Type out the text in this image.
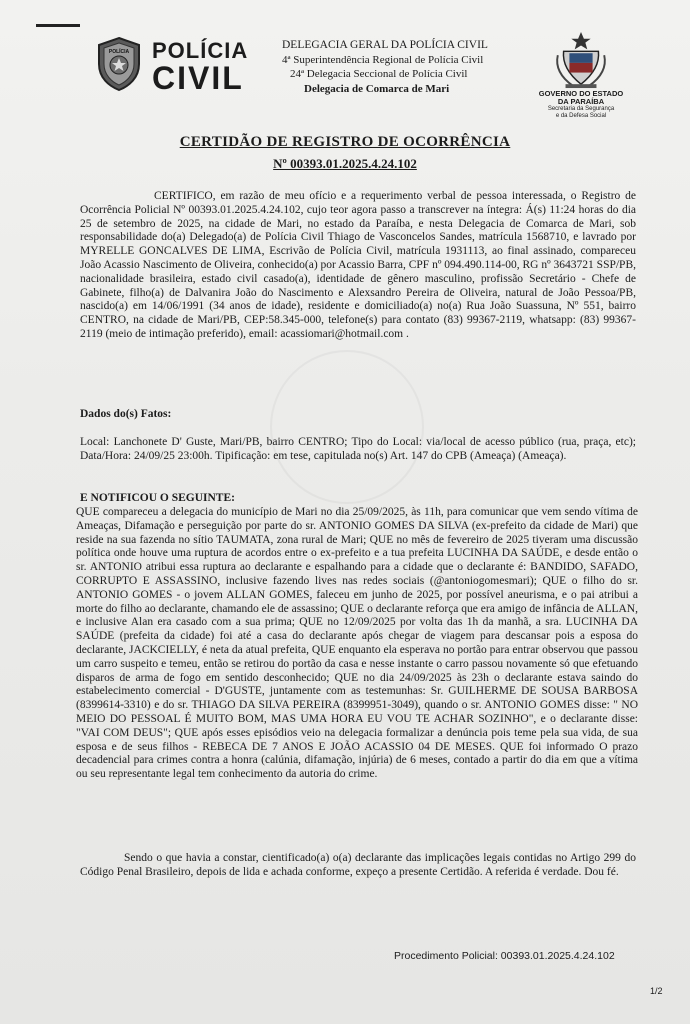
POLÍCIA POLÍCIA
CIVIL
DELEGACIA GERAL DA POLÍCIA CIVIL
4ª Superintendência Regional de Polícia Civil
24ª Delegacia Seccional de Polícia Civil
Delegacia de Comarca de Mari	GOVERNO DO ESTADO
DA PARAÍBA
Secretaria da Segurança
e da Defesa Social
CERTIDÃO DE REGISTRO DE OCORRÊNCIA
Nº 00393.01.2025.4.24.102
CERTIFICO, em razão de meu ofício e a requerimento verbal de pessoa interessada, o Registro de Ocorrência Policial Nº 00393.01.2025.4.24.102, cujo teor agora passo a transcrever na íntegra: Á(s) 11:24 horas do dia 25 de setembro de 2025, na cidade de Mari, no estado da Paraíba, e nesta Delegacia de Comarca de Mari, sob responsabilidade do(a) Delegado(a) de Polícia Civil Thiago de Vasconcelos Sandes, matrícula 1568710, e lavrado por MYRELLE GONCALVES DE LIMA, Escrivão de Polícia Civil, matrícula 1931113, ao final assinado, compareceu João Acassio Nascimento de Oliveira, conhecido(a) por Acassio Barra, CPF nº 094.490.114-00, RG nº 3643721 SSP/PB, nacionalidade brasileira, estado civil casado(a), identidade de gênero masculino, profissão Secretário - Chefe de Gabinete, filho(a) de Dalvanira João do Nascimento e Alexsandro Pereira de Oliveira, natural de João Pessoa/PB, nascido(a) em 14/06/1991 (34 anos de idade), residente e domiciliado(a) no(a) Rua João Suassuna, Nº 551, bairro CENTRO, na cidade de Mari/PB, CEP:58.345-000, telefone(s) para contato (83) 99367-2119, whatsapp: (83) 99367-2119 (meio de intimação preferido), email: acassiomari@hotmail.com .
Dados do(s) Fatos:
Local: Lanchonete D' Guste, Mari/PB, bairro CENTRO; Tipo do Local: via/local de acesso público (rua, praça, etc); Data/Hora: 24/09/25 23:00h. Tipificação: em tese, capitulada no(s) Art. 147 do CPB (Ameaça) (Ameaça).
E NOTIFICOU O SEGUINTE:
QUE compareceu a delegacia do município de Mari no dia 25/09/2025, às 11h, para comunicar que vem sendo vítima de Ameaças, Difamação e perseguição por parte do sr. ANTONIO GOMES DA SILVA (ex-prefeito da cidade de Mari) que reside na sua fazenda no sítio TAUMATA, zona rural de Mari; QUE no mês de fevereiro de 2025 tiveram uma discussão política onde houve uma ruptura de acordos entre o ex-prefeito e a tua prefeita LUCINHA DA SAÚDE, e desde então o sr. ANTONIO atribui essa ruptura ao declarante e espalhando para a cidade que o declarante é: BANDIDO, SAFADO, CORRUPTO E ASSASSINO, inclusive fazendo lives nas redes sociais (@antoniogomesmari); QUE o filho do sr. ANTONIO GOMES - o jovem ALLAN GOMES, faleceu em junho de 2025, por possível aneurisma, e o pai atribui a morte do filho ao declarante, chamando ele de assassino; QUE o declarante reforça que era amigo de infância de ALLAN, e inclusive Alan era casado com a sua prima; QUE no 12/09/2025 por volta das 1h da manhã, a sra. LUCINHA DA SAÚDE (prefeita da cidade) foi até a casa do declarante após chegar de viagem para descansar pois a esposa do declarante, JACKCIELLY, é neta da atual prefeita, QUE enquanto ela esperava no portão para entrar observou que passou um carro suspeito e temeu, então se retirou do portão da casa e nesse instante o carro passou novamente só que efetuando disparos de arma de fogo em sentido desconhecido; QUE no dia 24/09/2025 às 23h o declarante estava saindo do estabelecimento comercial - D'GUSTE, juntamente com as testemunhas: Sr. GUILHERME DE SOUSA BARBOSA (8399614-3310) e do sr. THIAGO DA SILVA PEREIRA (8399951-3049), quando o sr. ANTONIO GOMES disse: " NO MEIO DO PESSOAL É MUITO BOM, MAS UMA HORA EU VOU TE ACHAR SOZINHO", e o declarante disse: "VAI COM DEUS"; QUE após esses episódios veio na delegacia formalizar a denúncia pois teme pela sua vida, de sua esposa e de seus filhos - REBECA DE 7 ANOS E JOÃO ACASSIO 04 DE MESES. QUE foi informado O prazo decadencial para crimes contra a honra (calúnia, difamação, injúria) de 6 meses, contado a partir do dia em que a vítima ou seu representante legal tem conhecimento da autoria do crime.
Sendo o que havia a constar, cientificado(a) o(a) declarante das implicações legais contidas no Artigo 299 do Código Penal Brasileiro, depois de lida e achada conforme, expeço a presente Certidão. A referida é verdade. Dou fé.
Procedimento Policial: 00393.01.2025.4.24.102
1/2
